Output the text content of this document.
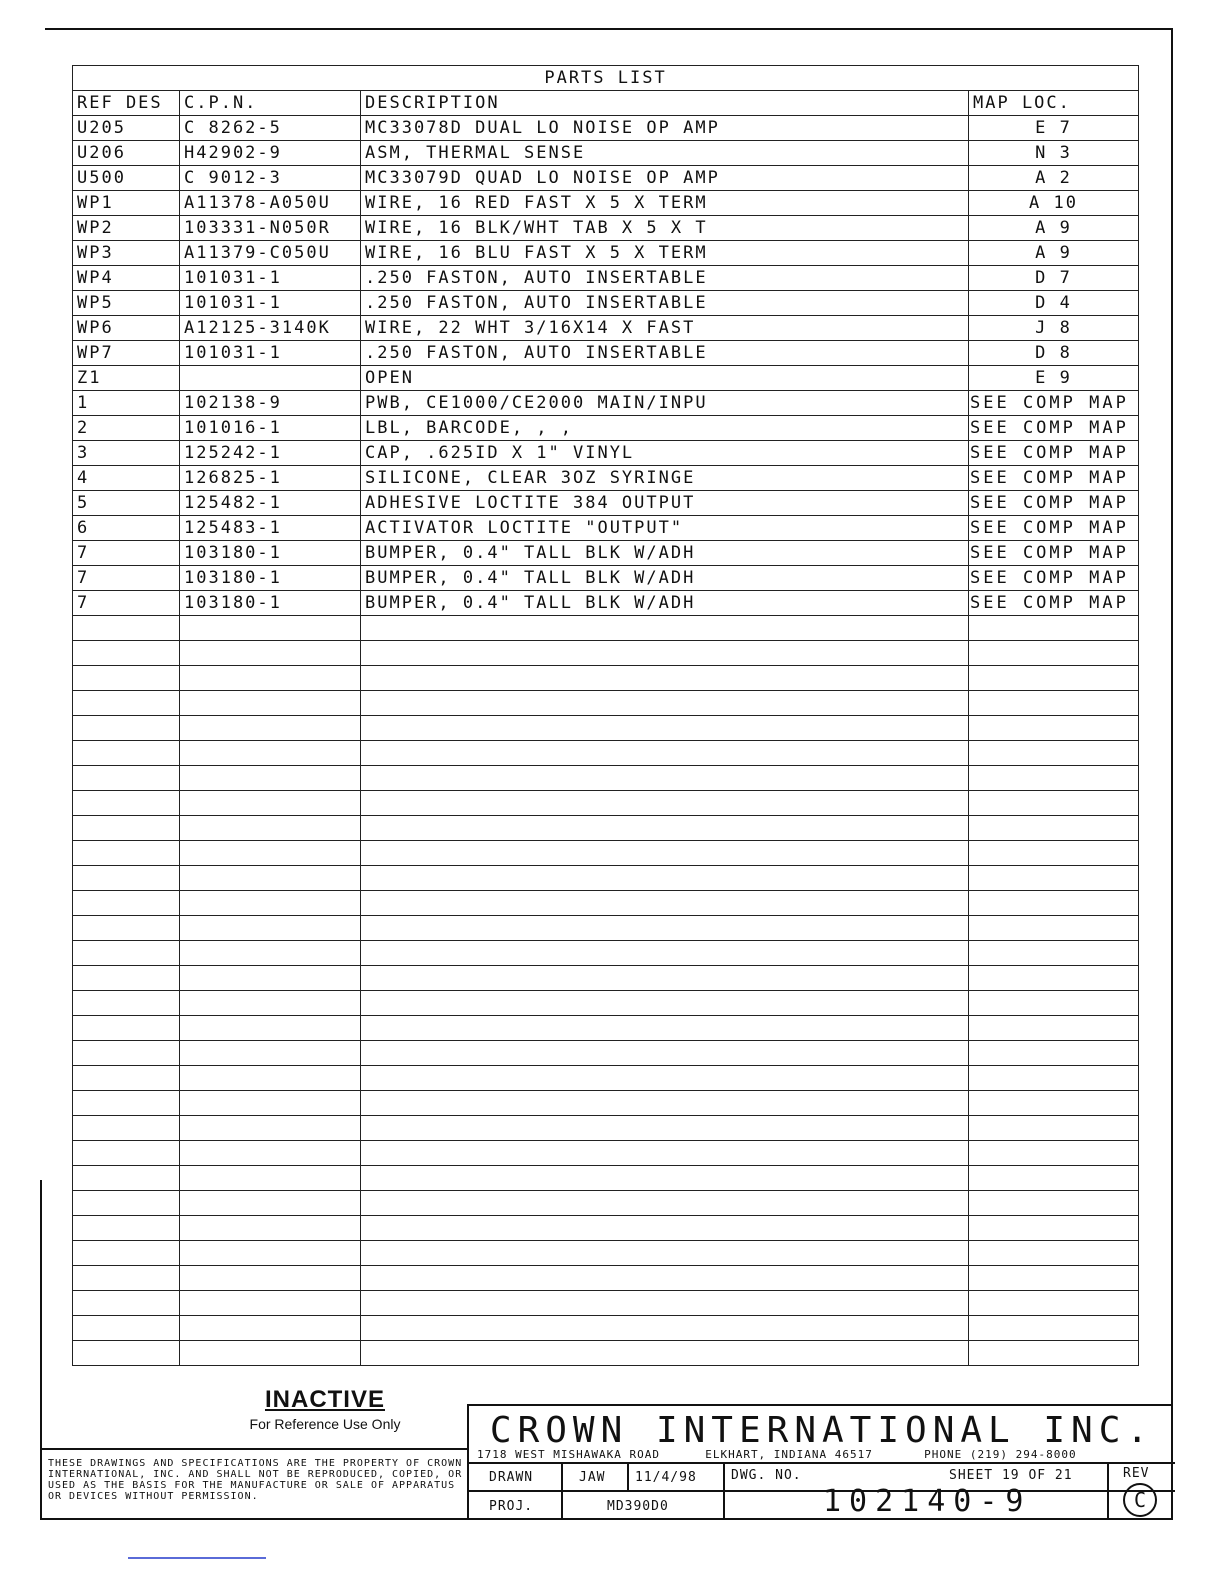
PARTS LIST			
REF DES	C.P.N.	DESCRIPTION	MAP LOC.
U205	C 8262-5	MC33078D DUAL LO NOISE OP AMP	E 7
U206	H42902-9	ASM, THERMAL SENSE	N 3
U500	C 9012-3	MC33079D QUAD LO NOISE OP AMP	A 2
WP1	A11378-A050U	WIRE, 16 RED FAST X 5 X TERM	A 10
WP2	103331-N050R	WIRE, 16 BLK/WHT TAB X 5 X T	A 9
WP3	A11379-C050U	WIRE, 16 BLU FAST X 5 X TERM	A 9
WP4	101031-1	.250 FASTON, AUTO INSERTABLE	D 7
WP5	101031-1	.250 FASTON, AUTO INSERTABLE	D 4
WP6	A12125-3140K	WIRE, 22 WHT 3/16X14 X FAST	J 8
WP7	101031-1	.250 FASTON, AUTO INSERTABLE	D 8
Z1		OPEN	E 9
1	102138-9	PWB, CE1000/CE2000 MAIN/INPU	SEE COMP MAP
2	101016-1	LBL, BARCODE, , ,	SEE COMP MAP
3	125242-1	CAP, .625ID X 1" VINYL	SEE COMP MAP
4	126825-1	SILICONE, CLEAR 3OZ SYRINGE	SEE COMP MAP
5	125482-1	ADHESIVE LOCTITE 384 OUTPUT	SEE COMP MAP
6	125483-1	ACTIVATOR LOCTITE "OUTPUT"	SEE COMP MAP
7	103180-1	BUMPER, 0.4" TALL BLK W/ADH	SEE COMP MAP
7	103180-1	BUMPER, 0.4" TALL BLK W/ADH	SEE COMP MAP
7	103180-1	BUMPER, 0.4" TALL BLK W/ADH	SEE COMP MAP

INACTIVE
For Reference Use Only
THESE DRAWINGS AND SPECIFICATIONS ARE THE PROPERTY OF CROWN INTERNATIONAL, INC. AND SHALL NOT BE REPRODUCED, COPIED, OR USED AS THE BASIS FOR THE MANUFACTURE OR SALE OF APPARATUS OR DEVICES WITHOUT PERMISSION.
CROWN INTERNATIONAL INC.
1718 WEST MISHAWAKA ROAD	ELKHART, INDIANA 46517	PHONE (219) 294-8000
DRAWN	JAW 11/4/98
PROJ.	MD390D0
DWG. NO.	SHEET 19 OF 21	REV
C
102140-9
